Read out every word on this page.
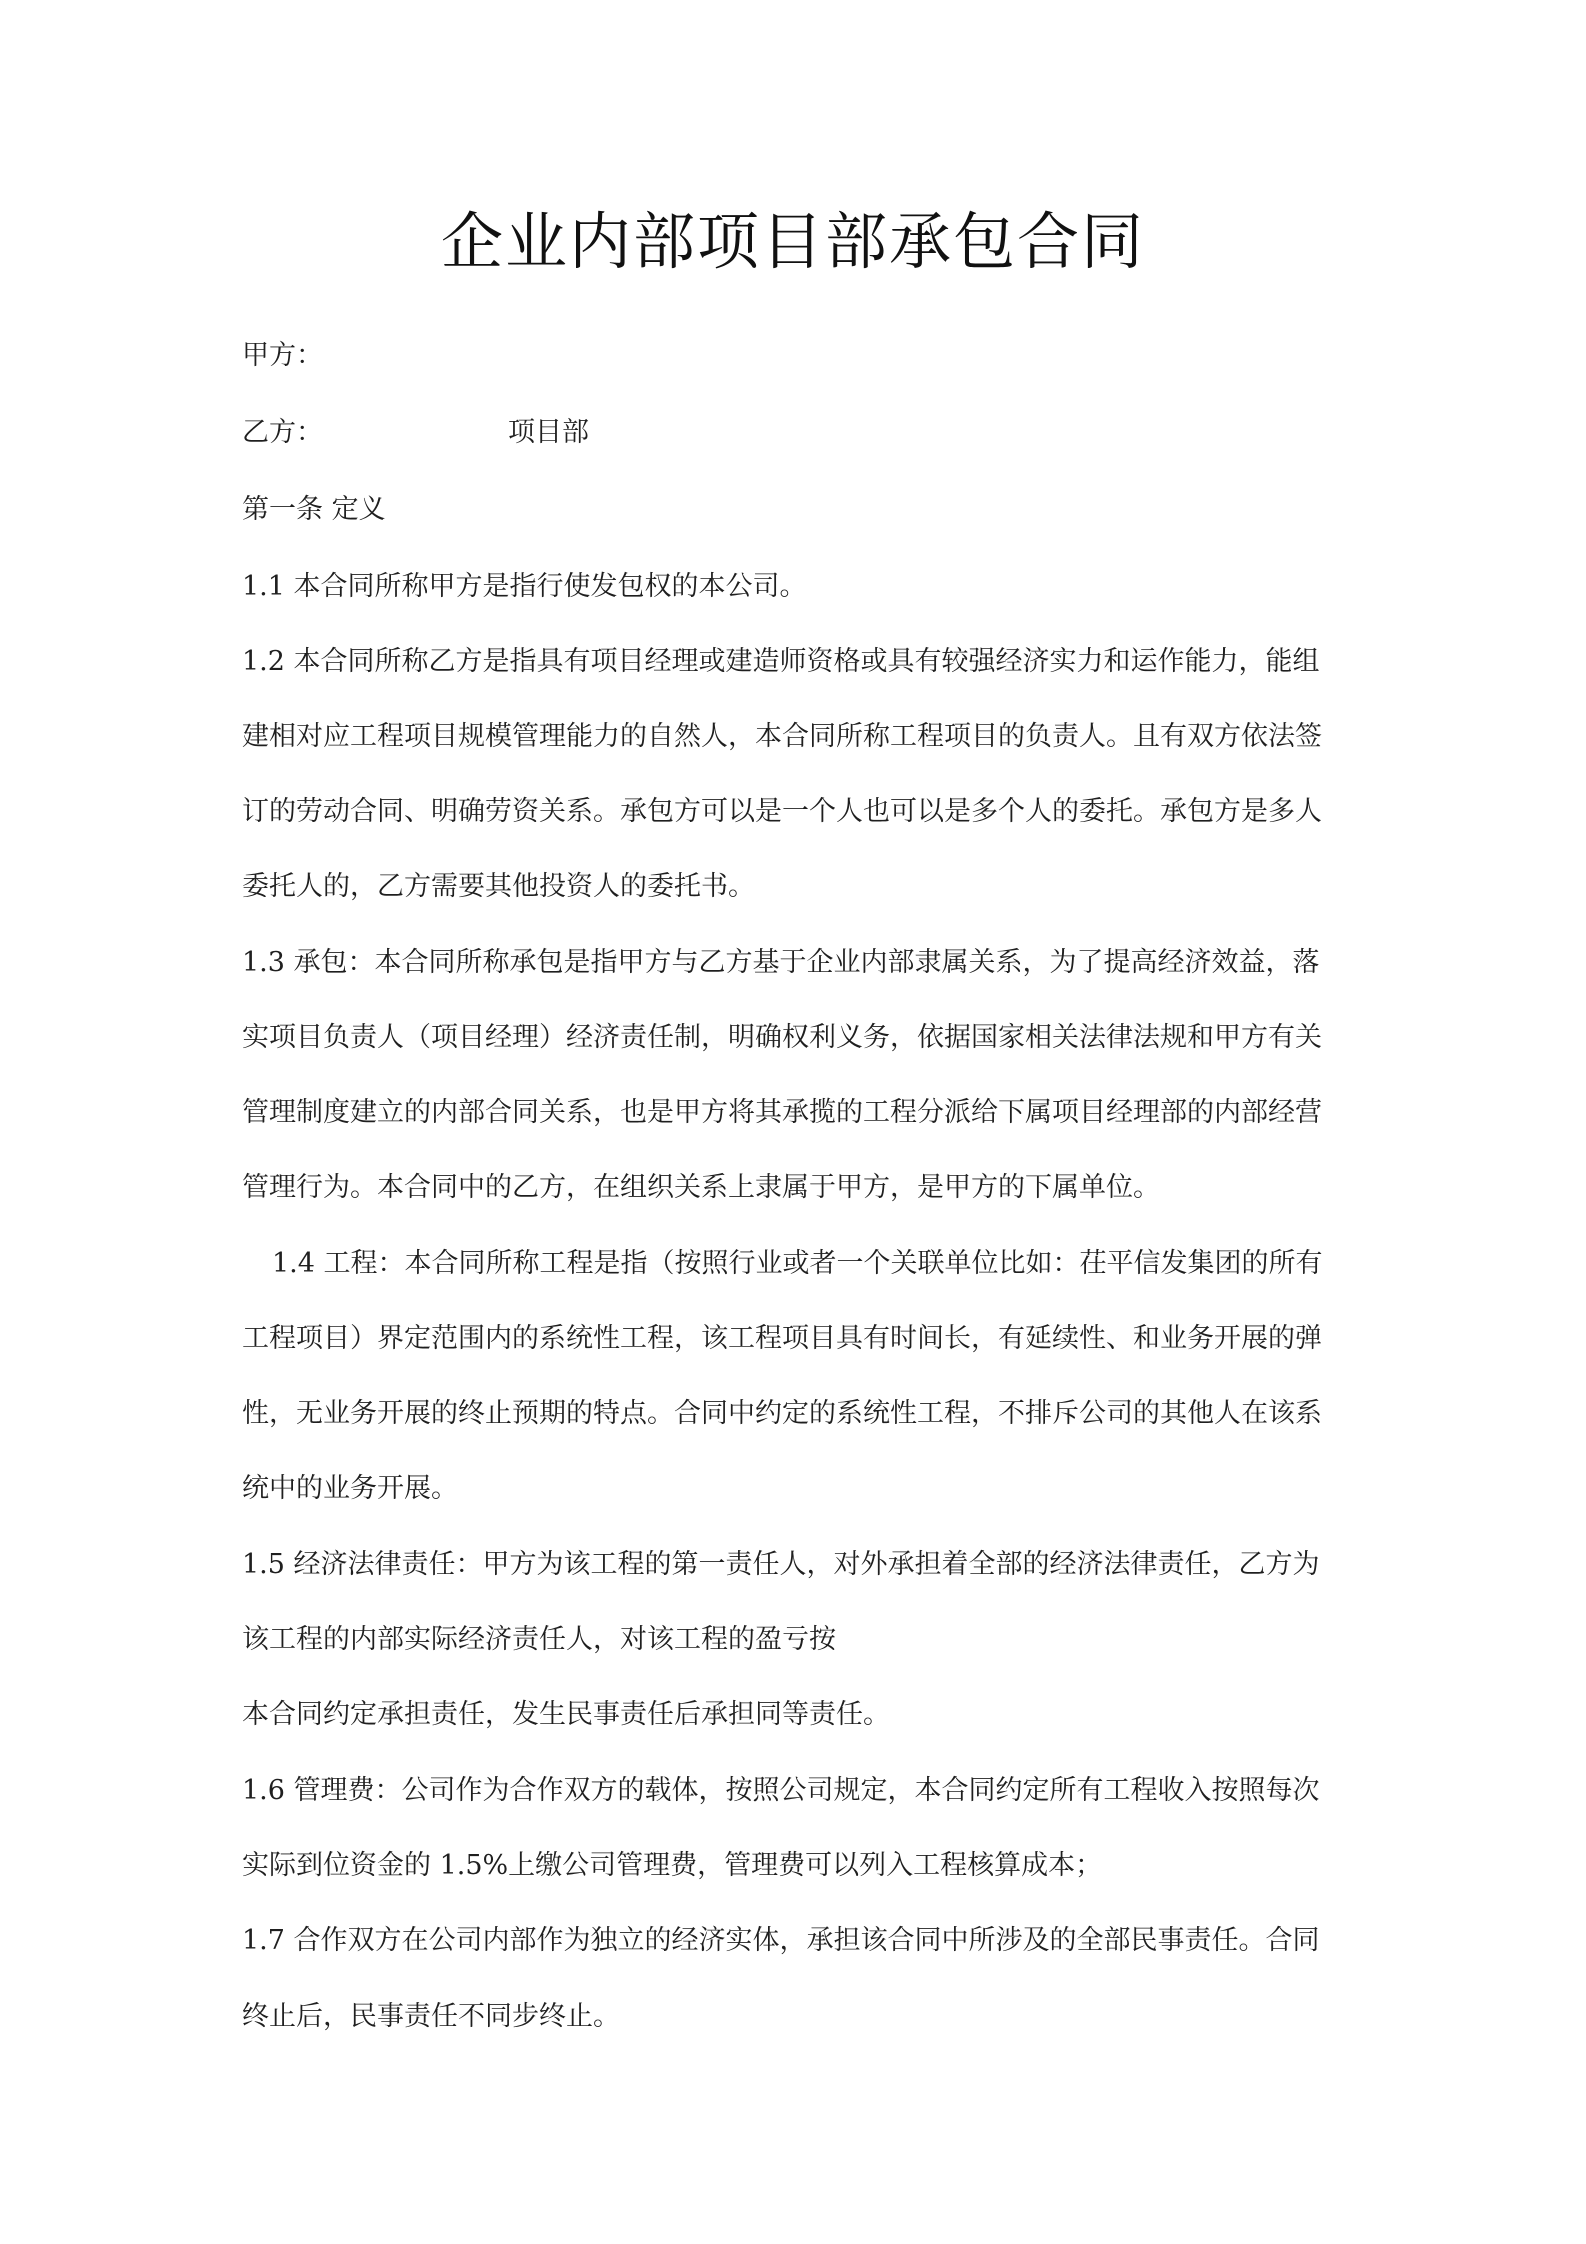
企业内部项目部承包合同
甲方：
乙方：	项目部
第一条 定义
1.1 本合同所称甲方是指行使发包权的本公司。
1.2 本合同所称乙方是指具有项目经理或建造师资格或具有较强经济实力和运作能力，能组
建相对应工程项目规模管理能力的自然人，本合同所称工程项目的负责人。且有双方依法签
订的劳动合同、明确劳资关系。承包方可以是一个人也可以是多个人的委托。承包方是多人
委托人的，乙方需要其他投资人的委托书。
1.3 承包：本合同所称承包是指甲方与乙方基于企业内部隶属关系，为了提高经济效益，落
实项目负责人（项目经理）经济责任制，明确权利义务，依据国家相关法律法规和甲方有关
管理制度建立的内部合同关系，也是甲方将其承揽的工程分派给下属项目经理部的内部经营
管理行为。本合同中的乙方，在组织关系上隶属于甲方，是甲方的下属单位。
1.4 工程：本合同所称工程是指（按照行业或者一个关联单位比如：茌平信发集团的所有
工程项目）界定范围内的系统性工程，该工程项目具有时间长，有延续性、和业务开展的弹
性，无业务开展的终止预期的特点。合同中约定的系统性工程，不排斥公司的其他人在该系
统中的业务开展。
1.5 经济法律责任：甲方为该工程的第一责任人，对外承担着全部的经济法律责任，乙方为
该工程的内部实际经济责任人，对该工程的盈亏按
本合同约定承担责任，发生民事责任后承担同等责任。
1.6 管理费：公司作为合作双方的载体，按照公司规定，本合同约定所有工程收入按照每次
实际到位资金的 1.5%上缴公司管理费，管理费可以列入工程核算成本；
1.7 合作双方在公司内部作为独立的经济实体，承担该合同中所涉及的全部民事责任。合同
终止后，民事责任不同步终止。
